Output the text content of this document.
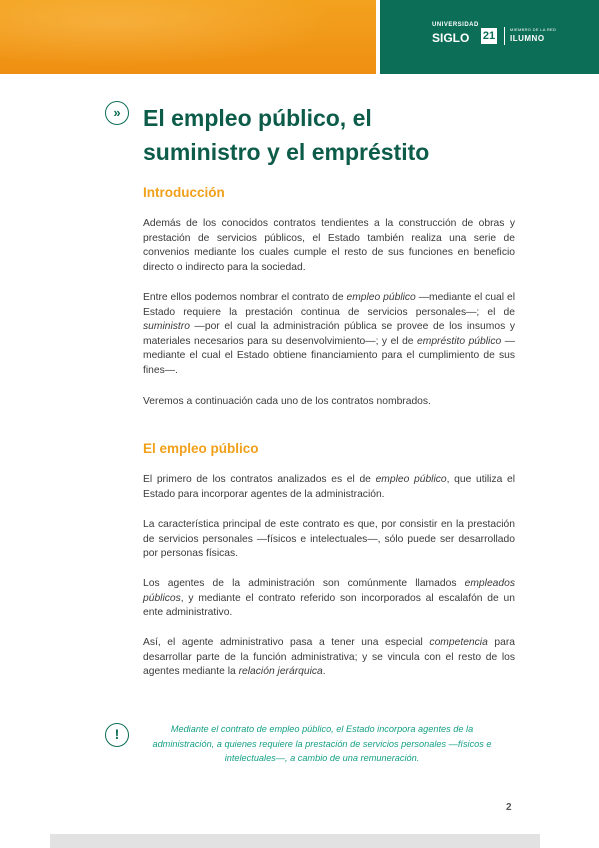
UNIVERSIDAD
SIGLO 21
MIEMBRO DE LA RED
ILUMNO
» El empleo público, el
suministro y el empréstito
Introducción

Además de los conocidos contratos tendientes a la construcción de obras y prestación de servicios públicos, el Estado también realiza una serie de convenios mediante los cuales cumple el resto de sus funciones en beneficio directo o indirecto para la sociedad.

Entre ellos podemos nombrar el contrato de empleo público —mediante el cual el Estado requiere la prestación continua de servicios personales—; el de suministro —por el cual la administración pública se provee de los insumos y materiales necesarios para su desenvolvimiento—; y el de empréstito público —mediante el cual el Estado obtiene financiamiento para el cumplimiento de sus fines—.

Veremos a continuación cada uno de los contratos nombrados.

El empleo público

El primero de los contratos analizados es el de empleo público, que utiliza el Estado para incorporar agentes de la administración.

La característica principal de este contrato es que, por consistir en la prestación de servicios personales —físicos e intelectuales—, sólo puede ser desarrollado por personas físicas.

Los agentes de la administración son comúnmente llamados empleados públicos, y mediante el contrato referido son incorporados al escalafón de un ente administrativo.

Así, el agente administrativo pasa a tener una especial competencia para desarrollar parte de la función administrativa; y se vincula con el resto de los agentes mediante la relación jerárquica.

!	Mediante el contrato de empleo público, el Estado incorpora agentes de la administración, a quienes requiere la prestación de servicios personales —físicos e intelectuales—, a cambio de una remuneración.

2
